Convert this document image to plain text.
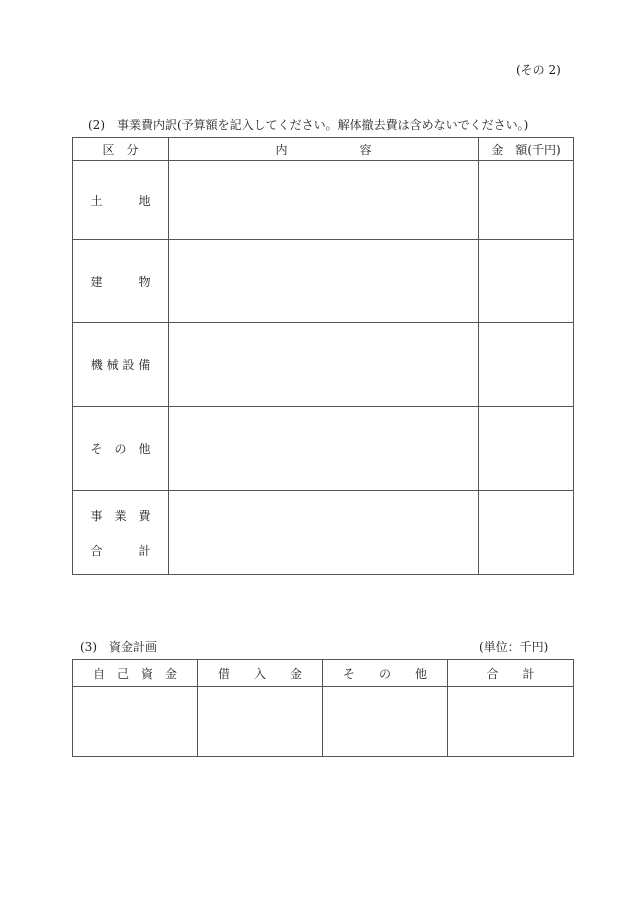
(その 2)
(2)　事業費内訳(予算額を記入してください。解体撤去費は含めないでください。)
区　分	内　　　　　　容	金　額(千円)
土　　　地		
建　　　物		
機 械 設 備		
そ　の　他		

事　業　費
合　　　計		

(3)　資金計画	(単位：千円)
自　己　資　金	借　　入　　金	そ　　の　　他	合　　計
